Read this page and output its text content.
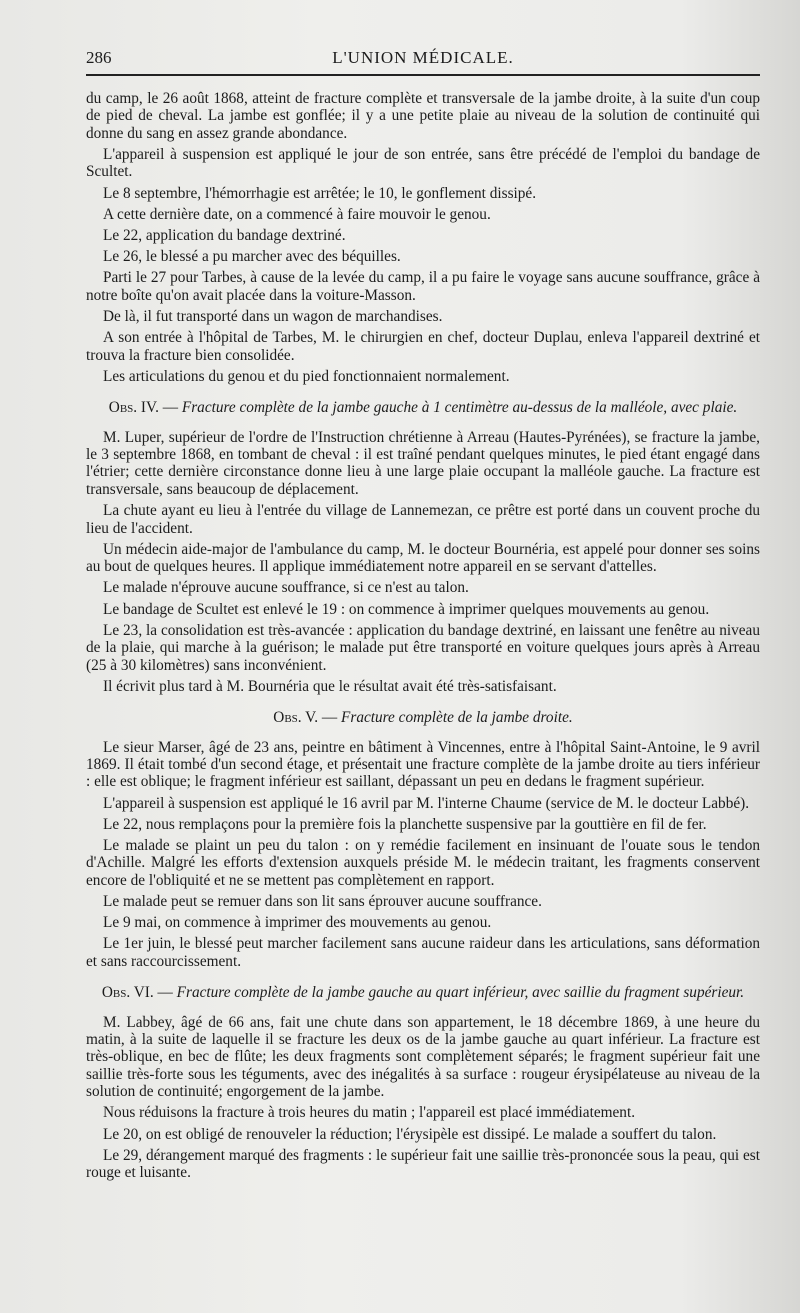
286	L'UNION MÉDICALE.

du camp, le 26 août 1868, atteint de fracture complète et transversale de la jambe droite, à la suite d'un coup de pied de cheval. La jambe est gonflée; il y a une petite plaie au niveau de la solution de continuité qui donne du sang en assez grande abondance.

L'appareil à suspension est appliqué le jour de son entrée, sans être précédé de l'emploi du bandage de Scultet.

Le 8 septembre, l'hémorrhagie est arrêtée; le 10, le gonflement dissipé.

A cette dernière date, on a commencé à faire mouvoir le genou.

Le 22, application du bandage dextriné.

Le 26, le blessé a pu marcher avec des béquilles.

Parti le 27 pour Tarbes, à cause de la levée du camp, il a pu faire le voyage sans aucune souffrance, grâce à notre boîte qu'on avait placée dans la voiture-Masson.

De là, il fut transporté dans un wagon de marchandises.

A son entrée à l'hôpital de Tarbes, M. le chirurgien en chef, docteur Duplau, enleva l'appareil dextriné et trouva la fracture bien consolidée.

Les articulations du genou et du pied fonctionnaient normalement.

Obs. IV. — Fracture complète de la jambe gauche à 1 centimètre au-dessus de la malléole, avec plaie.

M. Luper, supérieur de l'ordre de l'Instruction chrétienne à Arreau (Hautes-Pyrénées), se fracture la jambe, le 3 septembre 1868, en tombant de cheval : il est traîné pendant quelques minutes, le pied étant engagé dans l'étrier; cette dernière circonstance donne lieu à une large plaie occupant la malléole gauche. La fracture est transversale, sans beaucoup de déplacement.

La chute ayant eu lieu à l'entrée du village de Lannemezan, ce prêtre est porté dans un couvent proche du lieu de l'accident.

Un médecin aide-major de l'ambulance du camp, M. le docteur Bournéria, est appelé pour donner ses soins au bout de quelques heures. Il applique immédiatement notre appareil en se servant d'attelles.

Le malade n'éprouve aucune souffrance, si ce n'est au talon.

Le bandage de Scultet est enlevé le 19 : on commence à imprimer quelques mouvements au genou.

Le 23, la consolidation est très-avancée : application du bandage dextriné, en laissant une fenêtre au niveau de la plaie, qui marche à la guérison; le malade put être transporté en voiture quelques jours après à Arreau (25 à 30 kilomètres) sans inconvénient.

Il écrivit plus tard à M. Bournéria que le résultat avait été très-satisfaisant.

Obs. V. — Fracture complète de la jambe droite.

Le sieur Marser, âgé de 23 ans, peintre en bâtiment à Vincennes, entre à l'hôpital Saint-Antoine, le 9 avril 1869. Il était tombé d'un second étage, et présentait une fracture complète de la jambe droite au tiers inférieur : elle est oblique; le fragment inférieur est saillant, dépassant un peu en dedans le fragment supérieur.

L'appareil à suspension est appliqué le 16 avril par M. l'interne Chaume (service de M. le docteur Labbé).

Le 22, nous remplaçons pour la première fois la planchette suspensive par la gouttière en fil de fer.

Le malade se plaint un peu du talon : on y remédie facilement en insinuant de l'ouate sous le tendon d'Achille. Malgré les efforts d'extension auxquels préside M. le médecin traitant, les fragments conservent encore de l'obliquité et ne se mettent pas complètement en rapport.

Le malade peut se remuer dans son lit sans éprouver aucune souffrance.

Le 9 mai, on commence à imprimer des mouvements au genou.

Le 1er juin, le blessé peut marcher facilement sans aucune raideur dans les articulations, sans déformation et sans raccourcissement.

Obs. VI. — Fracture complète de la jambe gauche au quart inférieur, avec saillie du fragment supérieur.

M. Labbey, âgé de 66 ans, fait une chute dans son appartement, le 18 décembre 1869, à une heure du matin, à la suite de laquelle il se fracture les deux os de la jambe gauche au quart inférieur. La fracture est très-oblique, en bec de flûte; les deux fragments sont complètement séparés; le fragment supérieur fait une saillie très-forte sous les téguments, avec des inégalités à sa surface : rougeur érysipélateuse au niveau de la solution de continuité; engorgement de la jambe.

Nous réduisons la fracture à trois heures du matin ; l'appareil est placé immédiatement.

Le 20, on est obligé de renouveler la réduction; l'érysipèle est dissipé. Le malade a souffert du talon.

Le 29, dérangement marqué des fragments : le supérieur fait une saillie très-prononcée sous la peau, qui est rouge et luisante.
